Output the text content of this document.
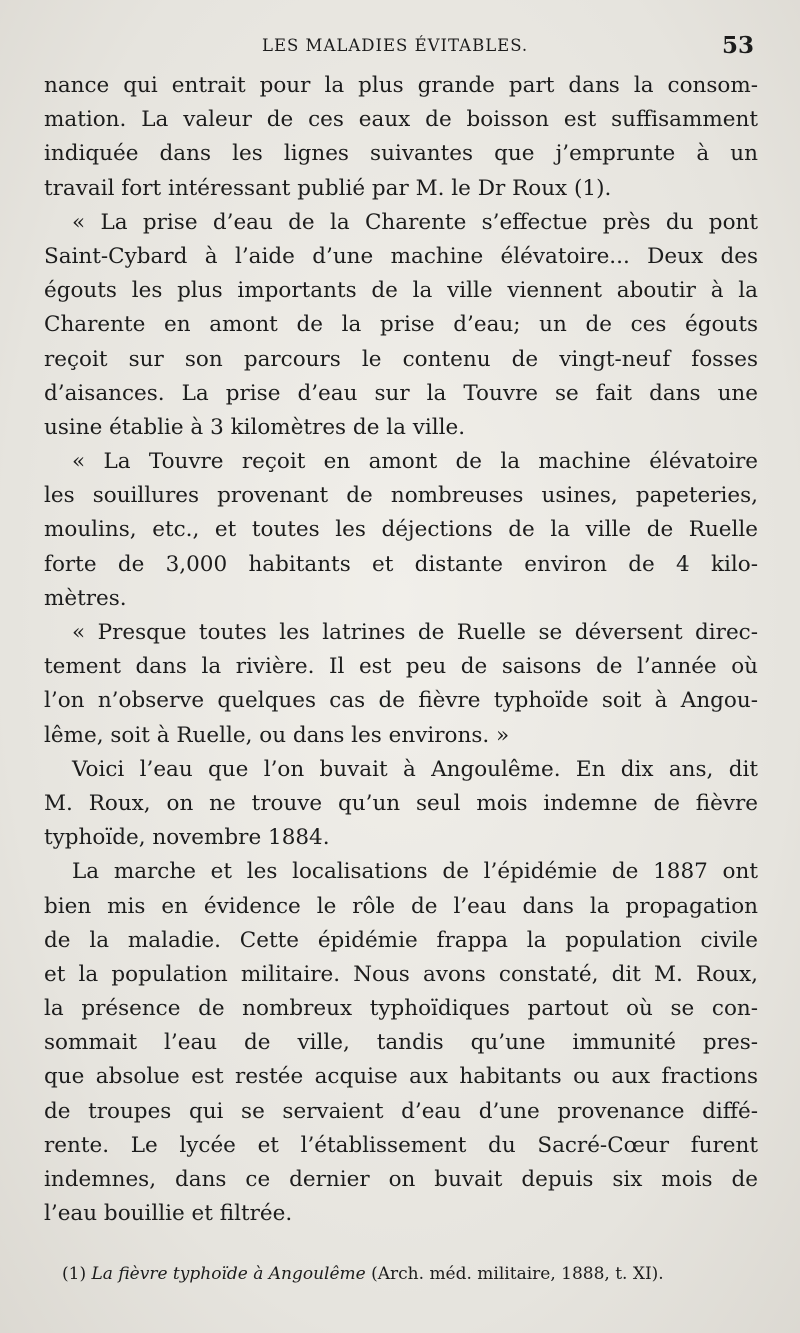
LES MALADIES ÉVITABLES.	53
nance qui entrait pour la plus grande part dans la consom-
mation. La valeur de ces eaux de boisson est suffisamment
indiquée dans les lignes suivantes que j’emprunte à un
travail fort intéressant publié par M. le Dr Roux (1).
« La prise d’eau de la Charente s’effectue près du pont
Saint-Cybard à l’aide d’une machine élévatoire... Deux des
égouts les plus importants de la ville viennent aboutir à la
Charente en amont de la prise d’eau; un de ces égouts
reçoit sur son parcours le contenu de vingt-neuf fosses
d’aisances. La prise d’eau sur la Touvre se fait dans une
usine établie à 3 kilomètres de la ville.
« La Touvre reçoit en amont de la machine élévatoire
les souillures provenant de nombreuses usines, papeteries,
moulins, etc., et toutes les déjections de la ville de Ruelle
forte de 3,000 habitants et distante environ de 4 kilo-
mètres.
« Presque toutes les latrines de Ruelle se déversent direc-
tement dans la rivière. Il est peu de saisons de l’année où
l’on n’observe quelques cas de fièvre typhoïde soit à Angou-
lême, soit à Ruelle, ou dans les environs. »
Voici l’eau que l’on buvait à Angoulême. En dix ans, dit
M. Roux, on ne trouve qu’un seul mois indemne de fièvre
typhoïde, novembre 1884.
La marche et les localisations de l’épidémie de 1887 ont
bien mis en évidence le rôle de l’eau dans la propagation
de la maladie. Cette épidémie frappa la population civile
et la population militaire. Nous avons constaté, dit M. Roux,
la présence de nombreux typhoïdiques partout où se con-
sommait l’eau de ville, tandis qu’une immunité pres-
que absolue est restée acquise aux habitants ou aux fractions
de troupes qui se servaient d’eau d’une provenance diffé-
rente. Le lycée et l’établissement du Sacré-Cœur furent
indemnes, dans ce dernier on buvait depuis six mois de
l’eau bouillie et filtrée.
(1) La fièvre typhoïde à Angoulême (Arch. méd. militaire, 1888, t. XI).
